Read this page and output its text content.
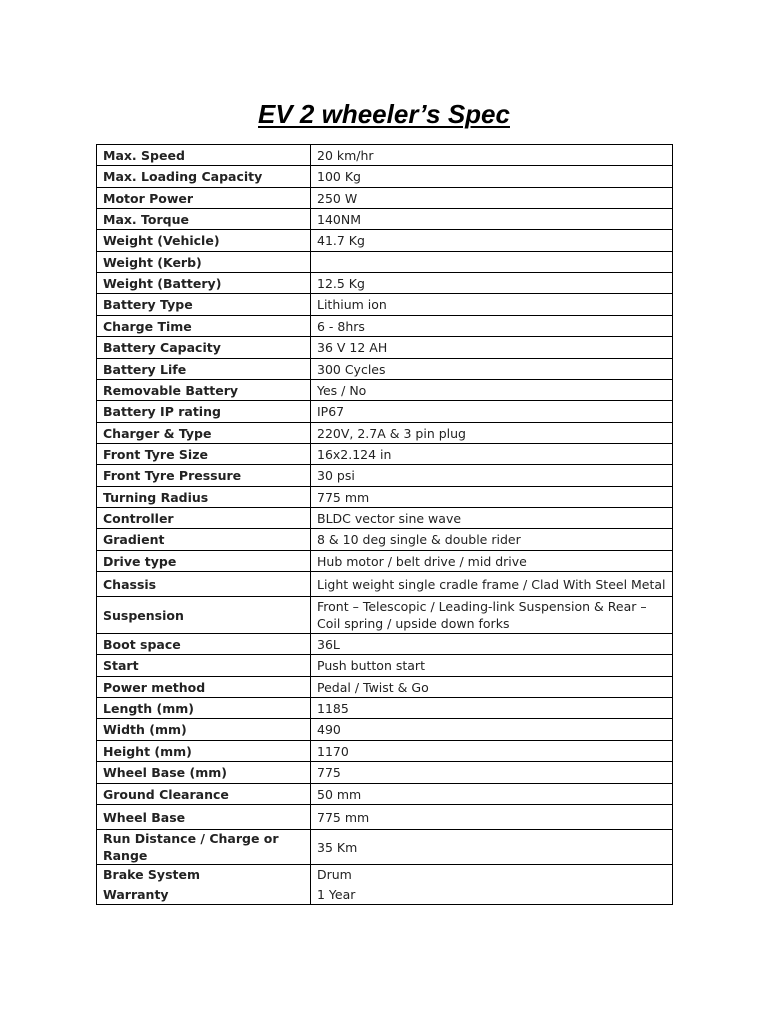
EV 2 wheeler’s Spec
Max. Speed	20 km/hr
Max. Loading Capacity	100 Kg
Motor Power	250 W
Max. Torque	140NM
Weight (Vehicle)	41.7 Kg
Weight (Kerb)	
Weight (Battery)	12.5 Kg
Battery Type	Lithium ion
Charge Time	6 - 8hrs
Battery Capacity	36 V 12 AH
Battery Life	300 Cycles
Removable Battery	Yes / No
Battery IP rating	IP67
Charger & Type	220V, 2.7A & 3 pin plug
Front Tyre Size	16x2.124 in
Front Tyre Pressure	30 psi
Turning Radius	775 mm
Controller	BLDC vector sine wave
Gradient	8 & 10 deg single & double rider
Drive type	Hub motor / belt drive / mid drive
Chassis	Light weight single cradle frame / Clad With Steel Metal
Suspension	Front – Telescopic / Leading-link Suspension & Rear – Coil spring / upside down forks
Boot space	36L
Start	Push button start
Power method	Pedal / Twist & Go
Length (mm)	1185
Width (mm)	490
Height (mm)	1170
Wheel Base (mm)	775
Ground Clearance	50 mm
Wheel Base	775 mm
Run Distance / Charge or Range	35 Km
Brake System	Drum
Warranty	1 Year
